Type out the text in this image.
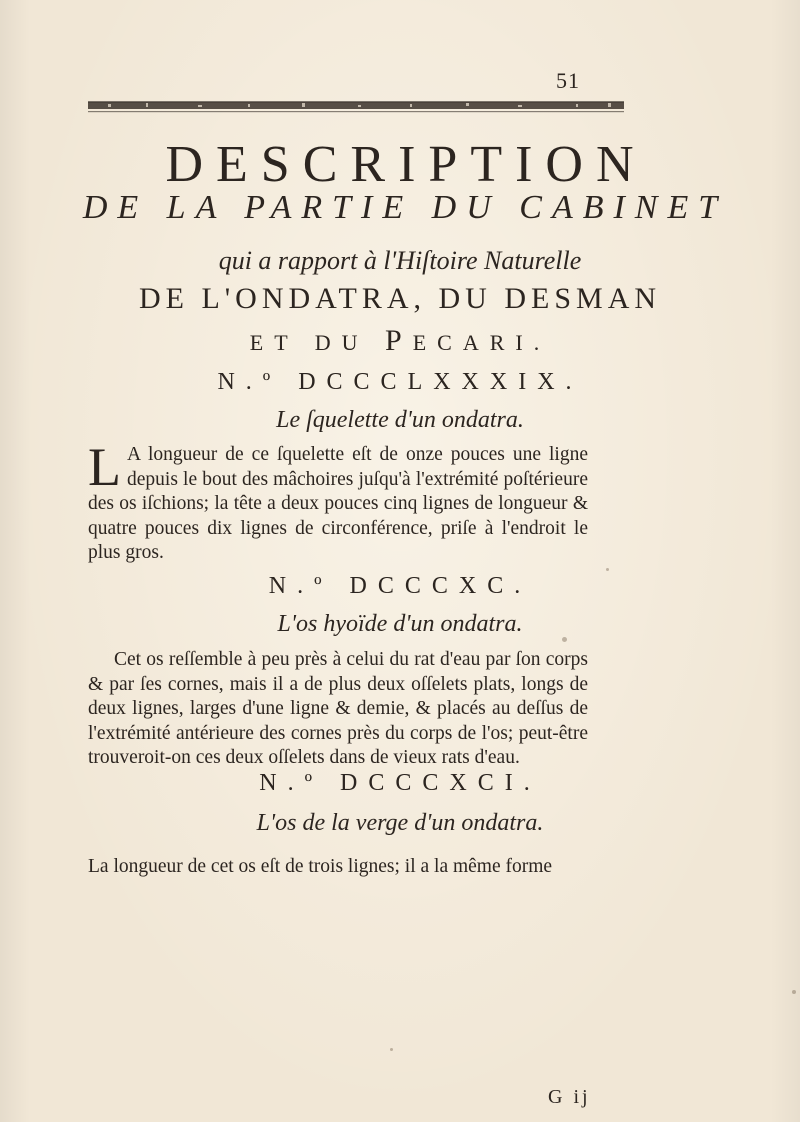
51
DESCRIPTION
DE LA PARTIE DU CABINET
qui a rapport à l'Hiſtoire Naturelle
DE L'ONDATRA, DU DESMAN
ET DU PECARI.
N.º DCCCLXXXIX.
Le ſquelette d'un ondatra.

L A longueur de ce ſquelette eſt de onze pouces une ligne depuis le bout des mâchoires juſqu'à l'extrémité poſtérieure des os iſchions; la tête a deux pouces cinq lignes de longueur & quatre pouces dix lignes de circonférence, priſe à l'endroit le plus gros.

N.º DCCCXC.
L'os hyoïde d'un ondatra.

Cet os reſſemble à peu près à celui du rat d'eau par ſon corps & par ſes cornes, mais il a de plus deux oſſelets plats, longs de deux lignes, larges d'une ligne & demie, & placés au deſſus de l'extrémité antérieure des cornes près du corps de l'os; peut-être trouveroit-on ces deux oſſelets dans de vieux rats d'eau.

N.º DCCCXCI.
L'os de la verge d'un ondatra.

La longueur de cet os eſt de trois lignes; il a la même forme

G ij
